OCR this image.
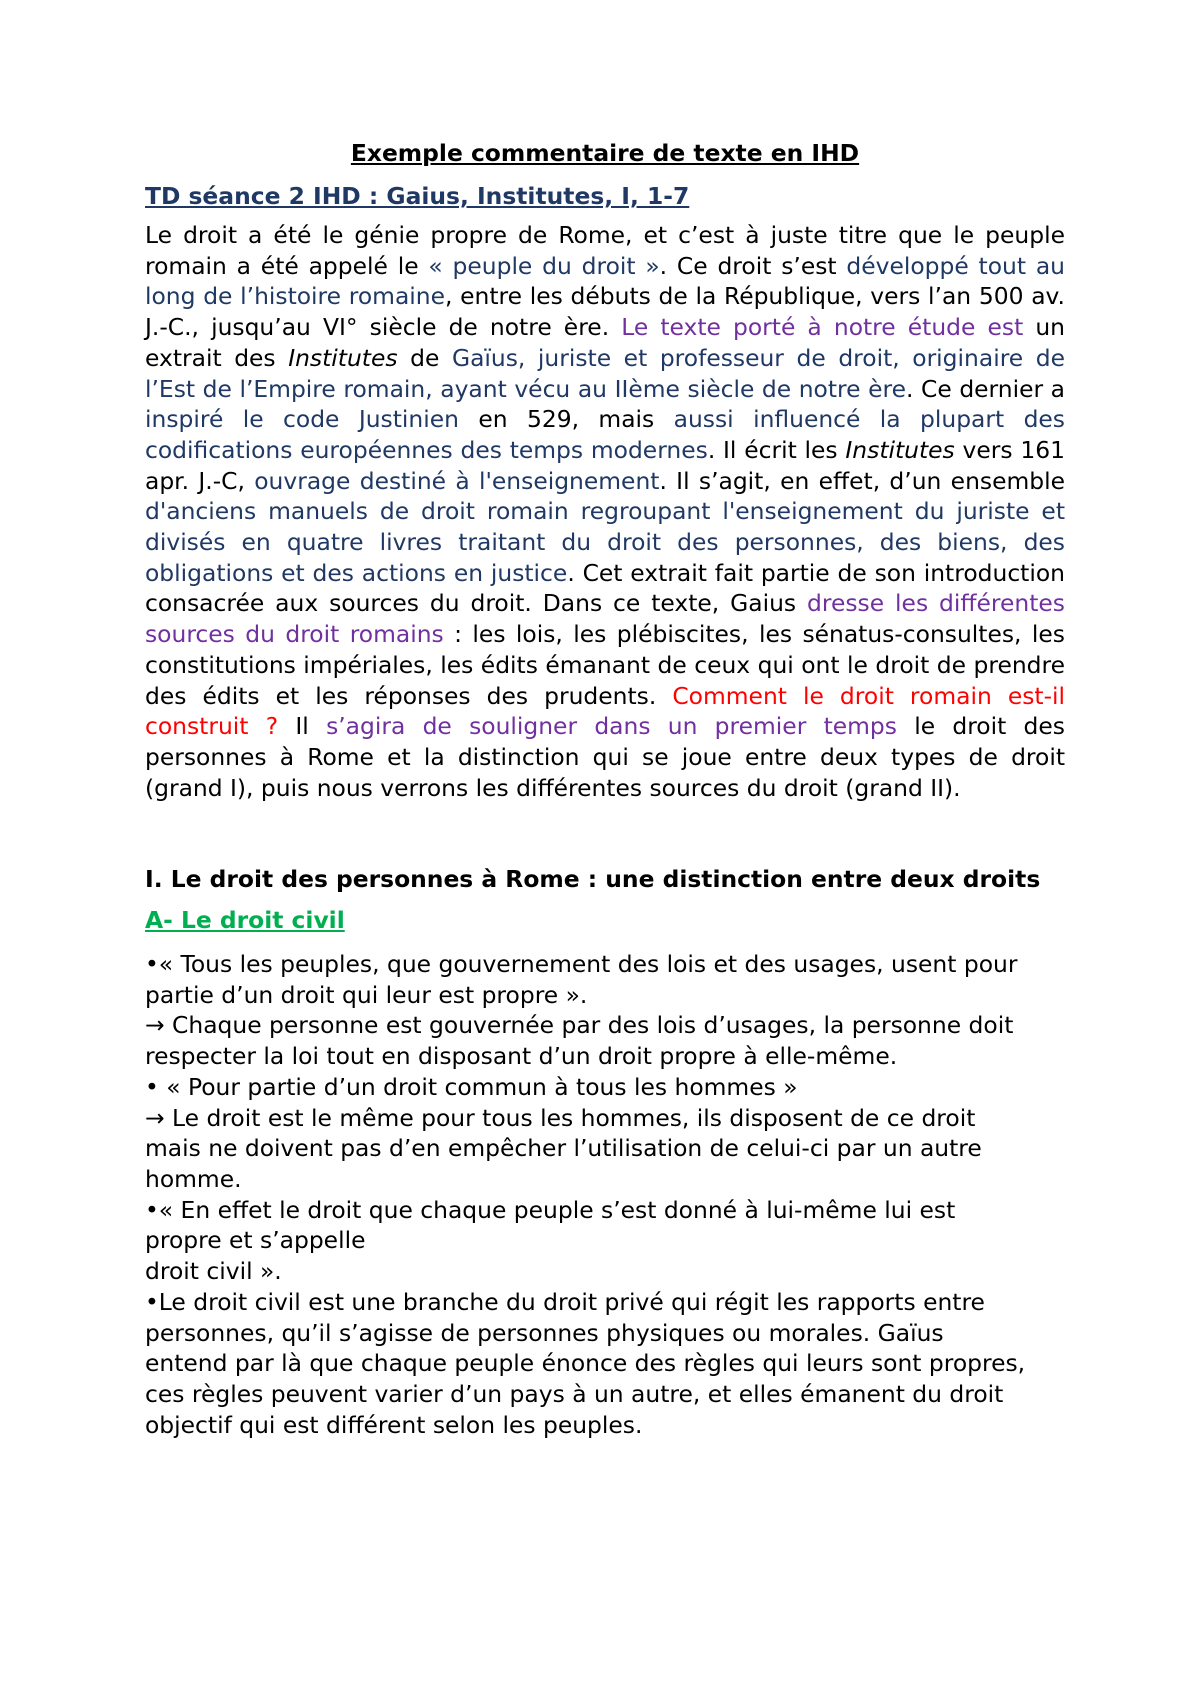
Exemple commentaire de texte en IHD
TD séance 2 IHD : Gaius, Institutes, I, 1-7

Le droit a été le génie propre de Rome, et c’est à juste titre que le peuple romain a été appelé le « peuple du droit ». Ce droit s’est développé tout au long de l’histoire romaine, entre les débuts de la République, vers l’an 500 av. J.-C., jusqu’au VI° siècle de notre ère. Le texte porté à notre étude est un extrait des Institutes de Gaïus, juriste et professeur de droit, originaire de l’Est de l’Empire romain, ayant vécu au IIème siècle de notre ère. Ce dernier a inspiré le code Justinien en 529, mais aussi influencé la plupart des codifications européennes des temps modernes. Il écrit les Institutes vers 161 apr. J.-C, ouvrage destiné à l'enseignement. Il s’agit, en effet, d’un ensemble d'anciens manuels de droit romain regroupant l'enseignement du juriste et divisés en quatre livres traitant du droit des personnes, des biens, des obligations et des actions en justice. Cet extrait fait partie de son introduction consacrée aux sources du droit. Dans ce texte, Gaius dresse les différentes sources du droit romains : les lois, les plébiscites, les sénatus-consultes, les constitutions impériales, les édits émanant de ceux qui ont le droit de prendre des édits et les réponses des prudents. Comment le droit romain est-il construit ? Il s’agira de souligner dans un premier temps le droit des personnes à Rome et la distinction qui se joue entre deux types de droit (grand I), puis nous verrons les différentes sources du droit (grand II).

I. Le droit des personnes à Rome : une distinction entre deux droits
A- Le droit civil
•« Tous les peuples, que gouvernement des lois et des usages, usent pour
partie d’un droit qui leur est propre ».
→ Chaque personne est gouvernée par des lois d’usages, la personne doit
respecter la loi tout en disposant d’un droit propre à elle-même.
• « Pour partie d’un droit commun à tous les hommes »
→ Le droit est le même pour tous les hommes, ils disposent de ce droit
mais ne doivent pas d’en empêcher l’utilisation de celui-ci par un autre
homme.
•« En effet le droit que chaque peuple s’est donné à lui-même lui est
propre et s’appelle
droit civil ».
•Le droit civil est une branche du droit privé qui régit les rapports entre
personnes, qu’il s’agisse de personnes physiques ou morales. Gaïus
entend par là que chaque peuple énonce des règles qui leurs sont propres,
ces règles peuvent varier d’un pays à un autre, et elles émanent du droit
objectif qui est différent selon les peuples.
